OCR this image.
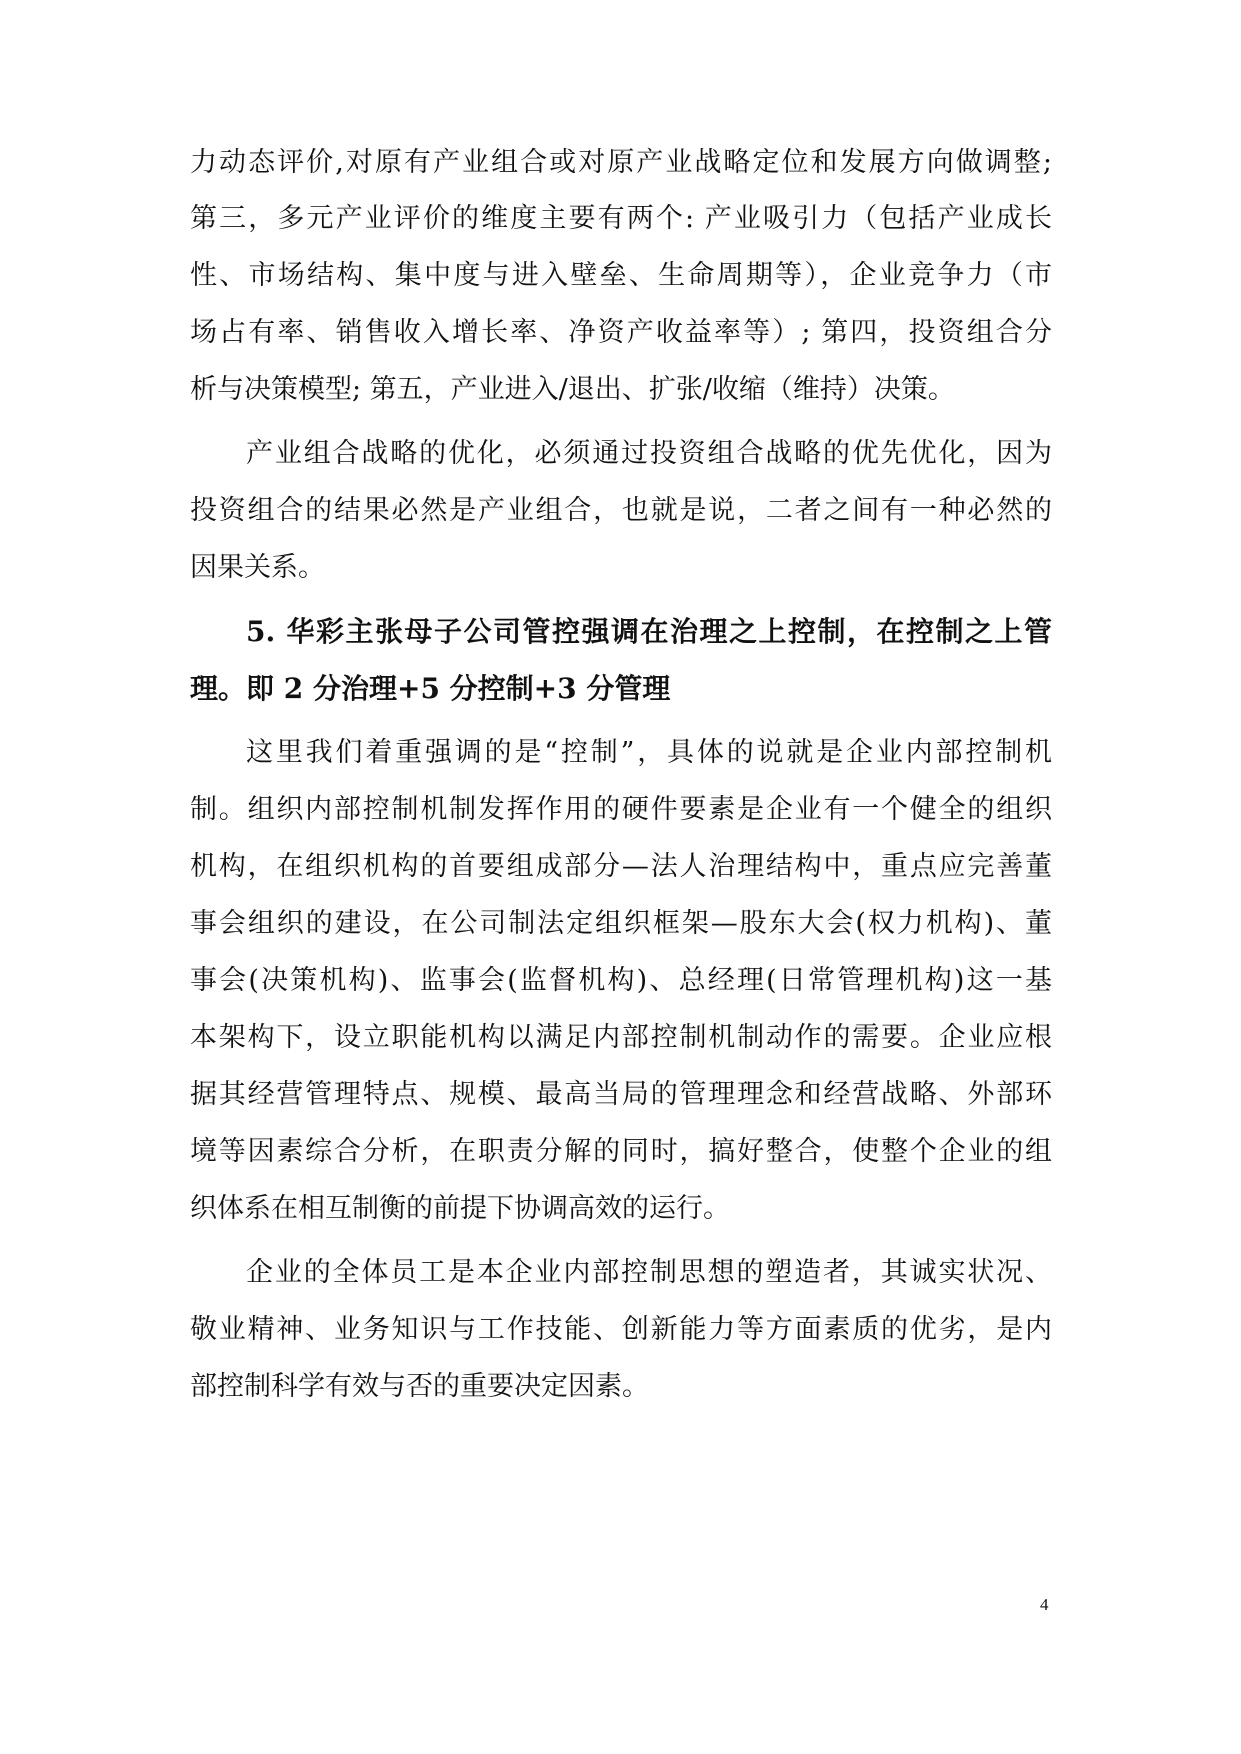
力动态评价,对原有产业组合或对原产业战略定位和发展方向做调整;
第三，多元产业评价的维度主要有两个: 产业吸引力（包括产业成长
性、市场结构、集中度与进入壁垒、生命周期等），企业竞争力（市
场占有率、销售收入增长率、净资产收益率等）; 第四，投资组合分
析与决策模型; 第五，产业进入/退出、扩张/收缩（维持）决策。
产业组合战略的优化，必须通过投资组合战略的优先优化，因为
投资组合的结果必然是产业组合，也就是说，二者之间有一种必然的
因果关系。
5. 华彩主张母子公司管控强调在治理之上控制，在控制之上管
理。即 2 分治理+5 分控制+3 分管理
这里我们着重强调的是“控制”，具体的说就是企业内部控制机
制。组织内部控制机制发挥作用的硬件要素是企业有一个健全的组织
机构，在组织机构的首要组成部分—法人治理结构中，重点应完善董
事会组织的建设，在公司制法定组织框架—股东大会(权力机构)、董
事会(决策机构)、监事会(监督机构)、总经理(日常管理机构)这一基
本架构下，设立职能机构以满足内部控制机制动作的需要。企业应根
据其经营管理特点、规模、最高当局的管理理念和经营战略、外部环
境等因素综合分析，在职责分解的同时，搞好整合，使整个企业的组
织体系在相互制衡的前提下协调高效的运行。
企业的全体员工是本企业内部控制思想的塑造者，其诚实状况、
敬业精神、业务知识与工作技能、创新能力等方面素质的优劣，是内
部控制科学有效与否的重要决定因素。
4
